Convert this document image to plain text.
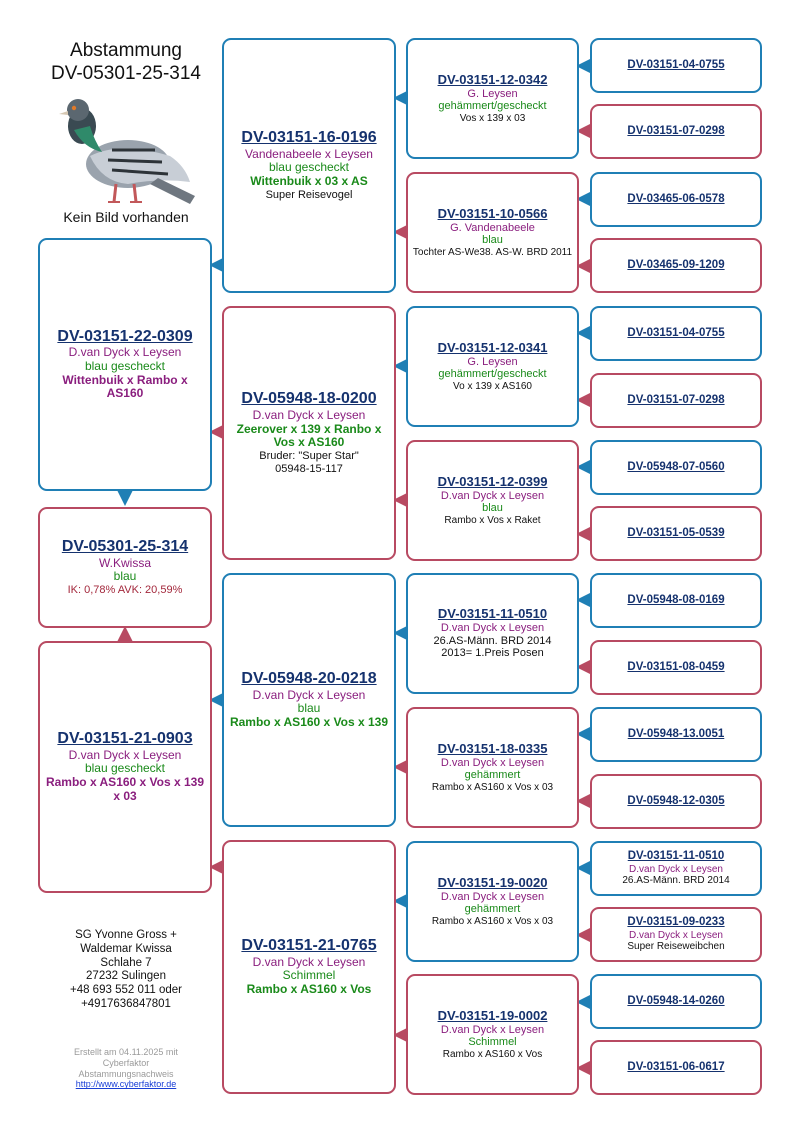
Abstammung
DV-05301-25-314
Kein Bild vorhanden
DV-03151-22-0309
D.van Dyck x Leysen
blau gescheckt
Wittenbuik x Rambo x AS160
DV-05301-25-314
W.Kwissa
blau
IK: 0,78% AVK: 20,59%
DV-03151-21-0903
D.van Dyck x Leysen
blau gescheckt
Rambo x AS160 x Vos x 139 x 03
DV-03151-16-0196
Vandenabeele x Leysen
blau gescheckt
Wittenbuik x 03 x AS
Super Reisevogel
DV-05948-18-0200
D.van Dyck x Leysen
Zeerover x 139 x Ranbo x Vos x AS160
Bruder: "Super Star"
05948-15-117
DV-05948-20-0218
D.van Dyck x Leysen
blau
Rambo x AS160 x Vos x 139
DV-03151-21-0765
D.van Dyck x Leysen
Schimmel
Rambo x AS160 x Vos
DV-03151-12-0342
G. Leysen
gehämmert/gescheckt
Vos x 139 x 03
DV-03151-10-0566
G. Vandenabeele
blau
Tochter AS-We38. AS-W. BRD 2011
DV-03151-12-0341
G. Leysen
gehämmert/gescheckt
Vo x 139 x AS160
DV-03151-12-0399
D.van Dyck x Leysen
blau
Rambo x Vos x Raket
DV-03151-11-0510
D.van Dyck x Leysen
26.AS-Männ. BRD 2014
2013= 1.Preis Posen
DV-03151-18-0335
D.van Dyck x Leysen
gehämmert
Rambo x AS160 x Vos x 03
DV-03151-19-0020
D.van Dyck x Leysen
gehämmert
Rambo x AS160 x Vos x 03
DV-03151-19-0002
D.van Dyck x Leysen
Schimmel
Rambo x AS160 x Vos
DV-03151-04-0755
DV-03151-07-0298
DV-03465-06-0578
DV-03465-09-1209
DV-03151-04-0755
DV-03151-07-0298
DV-05948-07-0560
DV-03151-05-0539
DV-05948-08-0169
DV-03151-08-0459
DV-05948-13.0051
DV-05948-12-0305
DV-03151-11-0510
D.van Dyck x Leysen
26.AS-Männ. BRD 2014
DV-03151-09-0233
D.van Dyck x Leysen
Super Reiseweibchen
DV-05948-14-0260
DV-03151-06-0617
SG Yvonne Gross +
Waldemar Kwissa
Schlahe 7
27232 Sulingen
+48 693 552 011 oder
+4917636847801
Erstellt am 04.11.2025 mit
Cyberfaktor
Abstammungsnachweis
http://www.cyberfaktor.de
